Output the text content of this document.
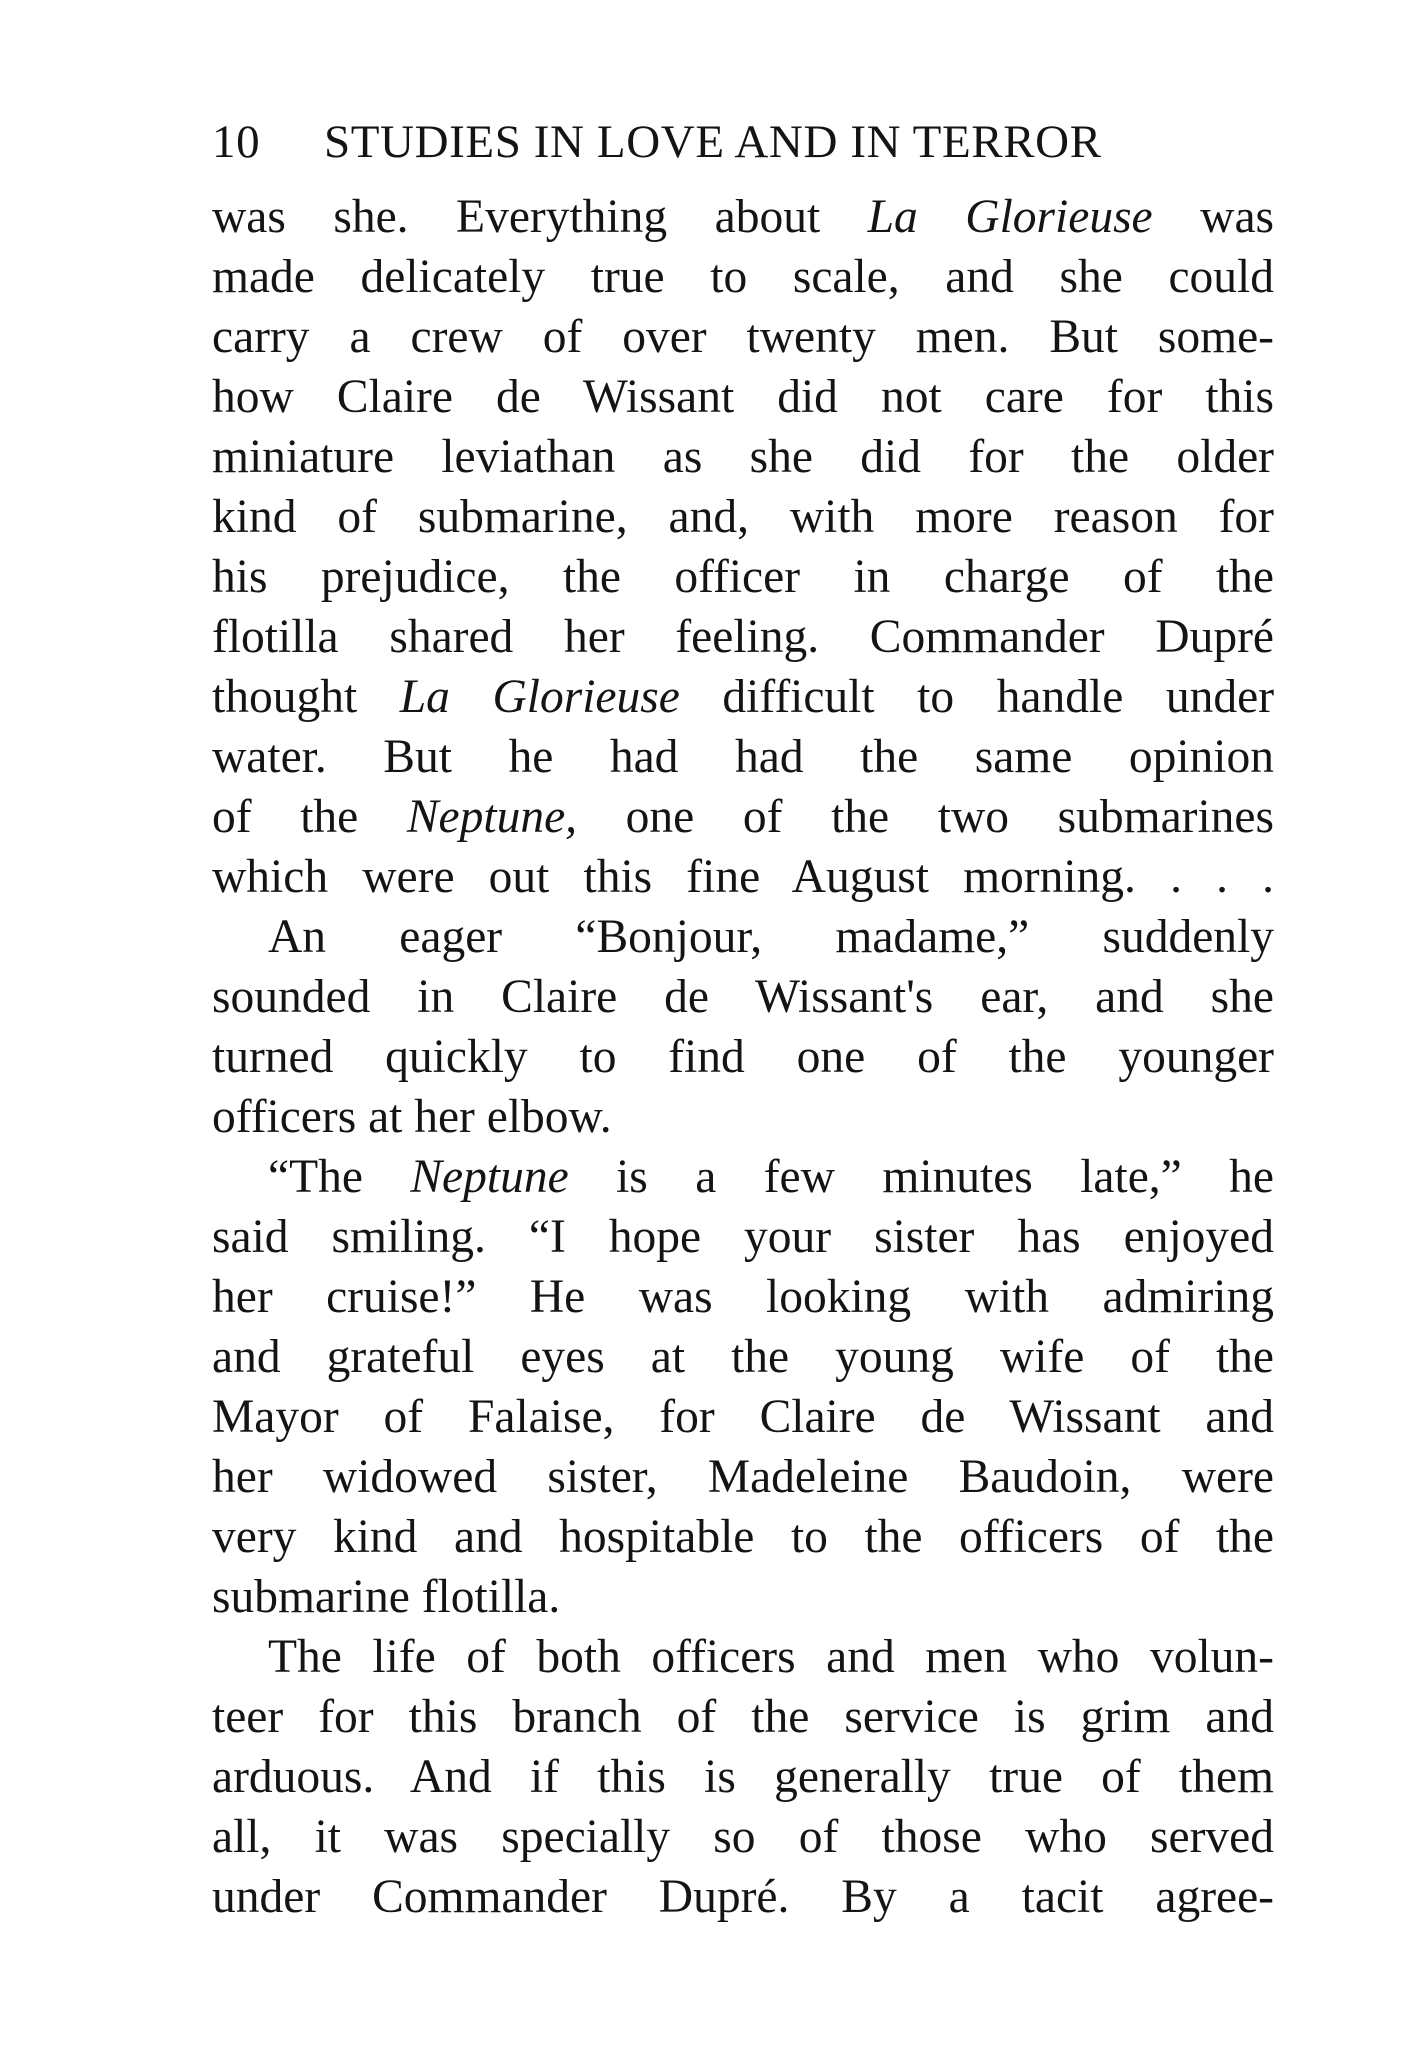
10 STUDIES IN LOVE AND IN TERROR
was she. Everything about La Glorieuse was
made delicately true to scale, and she could
carry a crew of over twenty men. But some-
how Claire de Wissant did not care for this
miniature leviathan as she did for the older
kind of submarine, and, with more reason for
his prejudice, the officer in charge of the
flotilla shared her feeling. Commander Dupré
thought La Glorieuse difficult to handle under
water. But he had had the same opinion
of the Neptune, one of the two submarines
which were out this fine August morning. . . .
An eager “Bonjour, madame,” suddenly
sounded in Claire de Wissant's ear, and she
turned quickly to find one of the younger
officers at her elbow.
“The Neptune is a few minutes late,” he
said smiling. “I hope your sister has enjoyed
her cruise!” He was looking with admiring
and grateful eyes at the young wife of the
Mayor of Falaise, for Claire de Wissant and
her widowed sister, Madeleine Baudoin, were
very kind and hospitable to the officers of the
submarine flotilla.
The life of both officers and men who volun-
teer for this branch of the service is grim and
arduous. And if this is generally true of them
all, it was specially so of those who served
under Commander Dupré. By a tacit agree-
